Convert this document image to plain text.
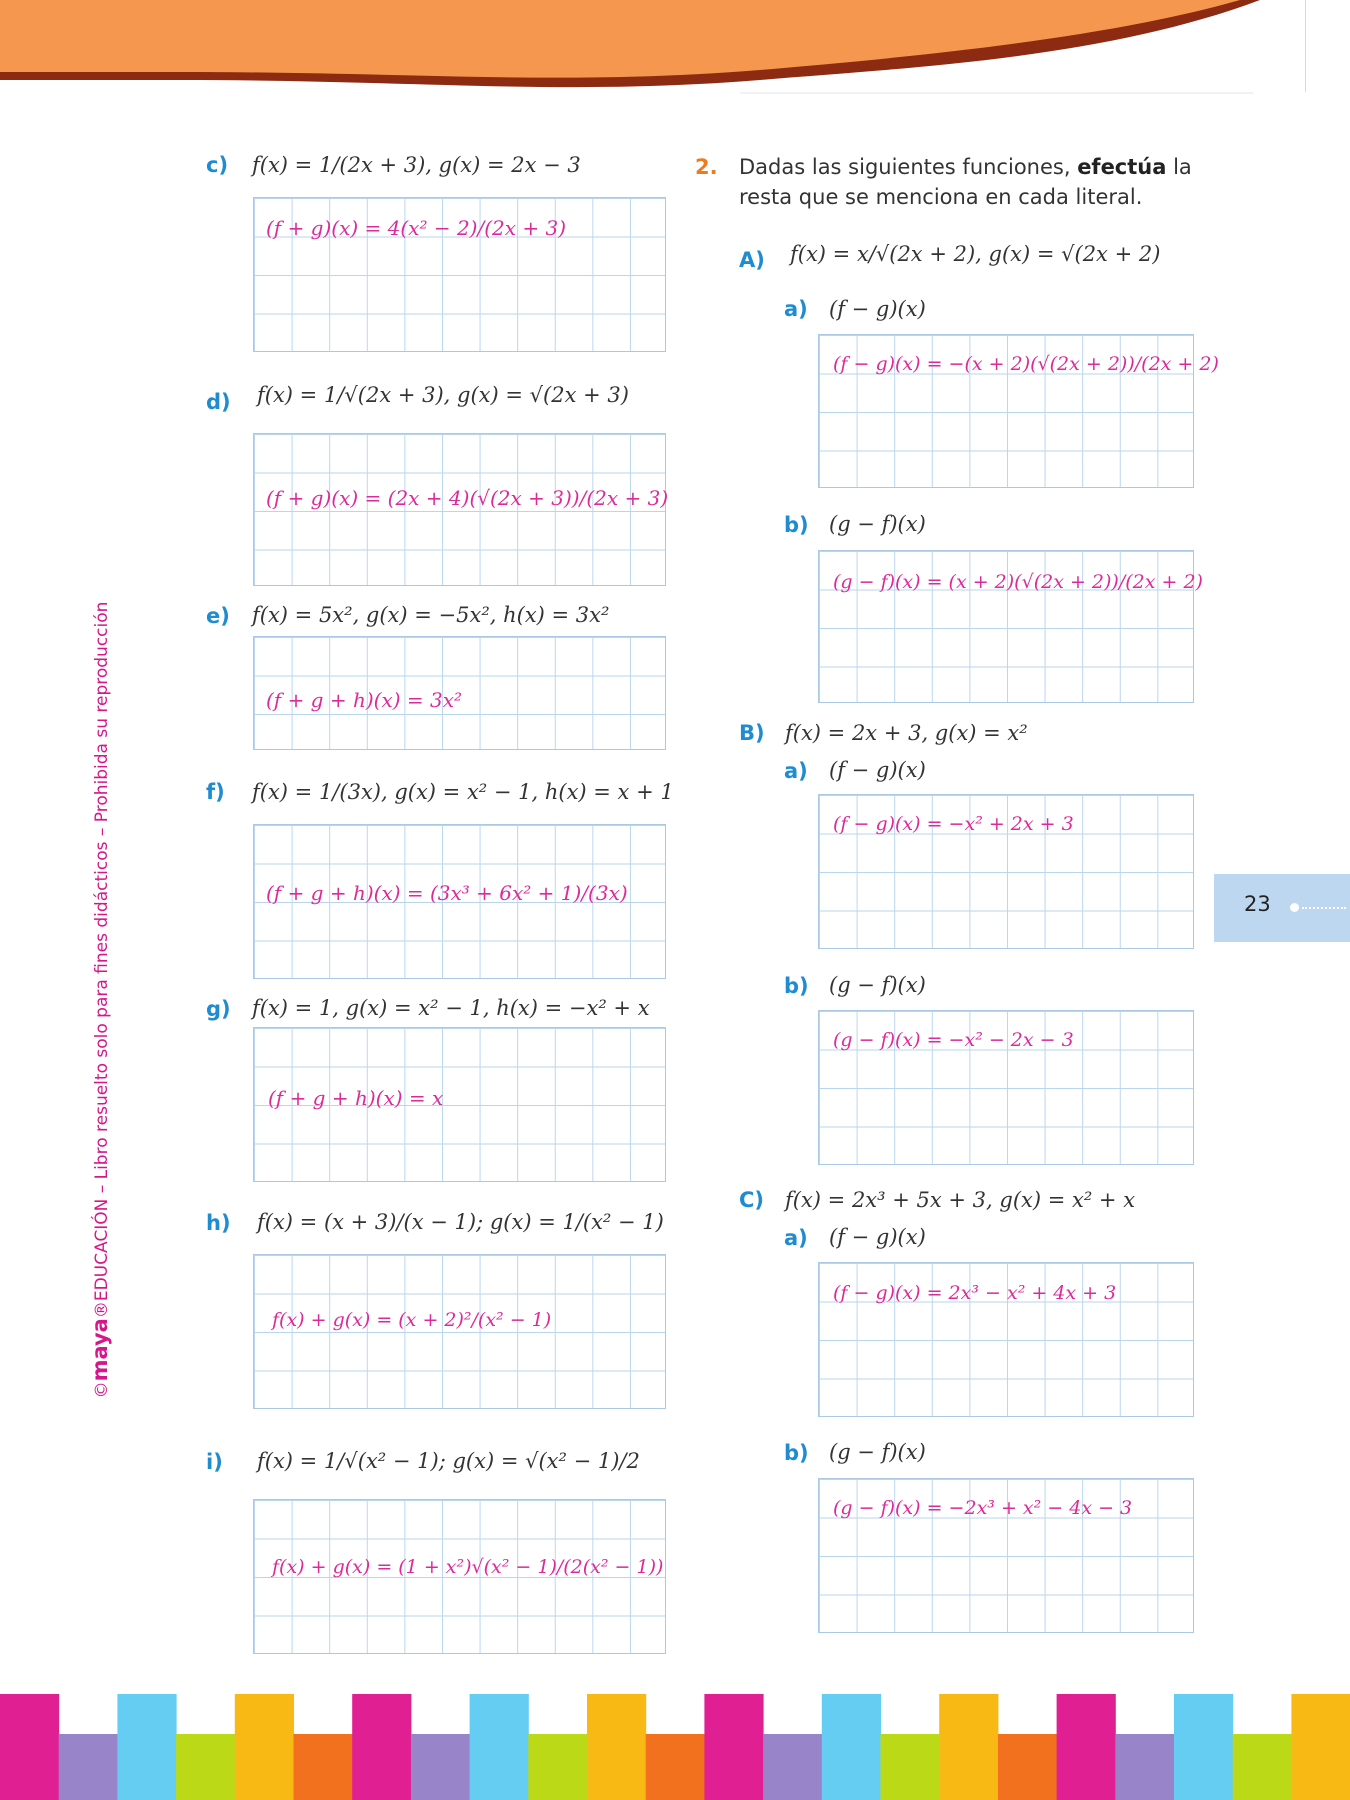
©maya®EDUCACIÓN – Libro resuelto solo para fines didácticos – Prohibida su reproducción	23
c) f(x) = 1/(2x + 3), g(x) = 2x − 3
(f + g)(x) = 4(x² − 2)/(2x + 3)
d) f(x) = 1/√(2x + 3), g(x) = √(2x + 3)
(f + g)(x) = (2x + 4)(√(2x + 3))/(2x + 3)
e) f(x) = 5x², g(x) = −5x², h(x) = 3x²
(f + g + h)(x) = 3x²
f) f(x) = 1/(3x), g(x) = x² − 1, h(x) = x + 1
(f + g + h)(x) = (3x³ + 6x² + 1)/(3x)
g) f(x) = 1, g(x) = x² − 1, h(x) = −x² + x
(f + g + h)(x) = x
h) f(x) = (x + 3)/(x − 1); g(x) = 1/(x² − 1)
f(x) + g(x) = (x + 2)²/(x² − 1)
i) f(x) = 1/√(x² − 1); g(x) = √(x² − 1)/2
f(x) + g(x) = (1 + x²)√(x² − 1)/(2(x² − 1))
2. Dadas las siguientes funciones, efectúa la resta que se menciona en cada literal.
A) f(x) = x/√(2x + 2), g(x) = √(2x + 2)
a) (f − g)(x)
(f − g)(x) = −(x + 2)(√(2x + 2))/(2x + 2)
b) (g − f)(x)
(g − f)(x) = (x + 2)(√(2x + 2))/(2x + 2)
B) f(x) = 2x + 3, g(x) = x²
a) (f − g)(x)
(f − g)(x) = −x² + 2x + 3
b) (g − f)(x)
(g − f)(x) = −x² − 2x − 3
C) f(x) = 2x³ + 5x + 3, g(x) = x² + x
a) (f − g)(x)
(f − g)(x) = 2x³ − x² + 4x + 3
b) (g − f)(x)
(g − f)(x) = −2x³ + x² − 4x − 3
